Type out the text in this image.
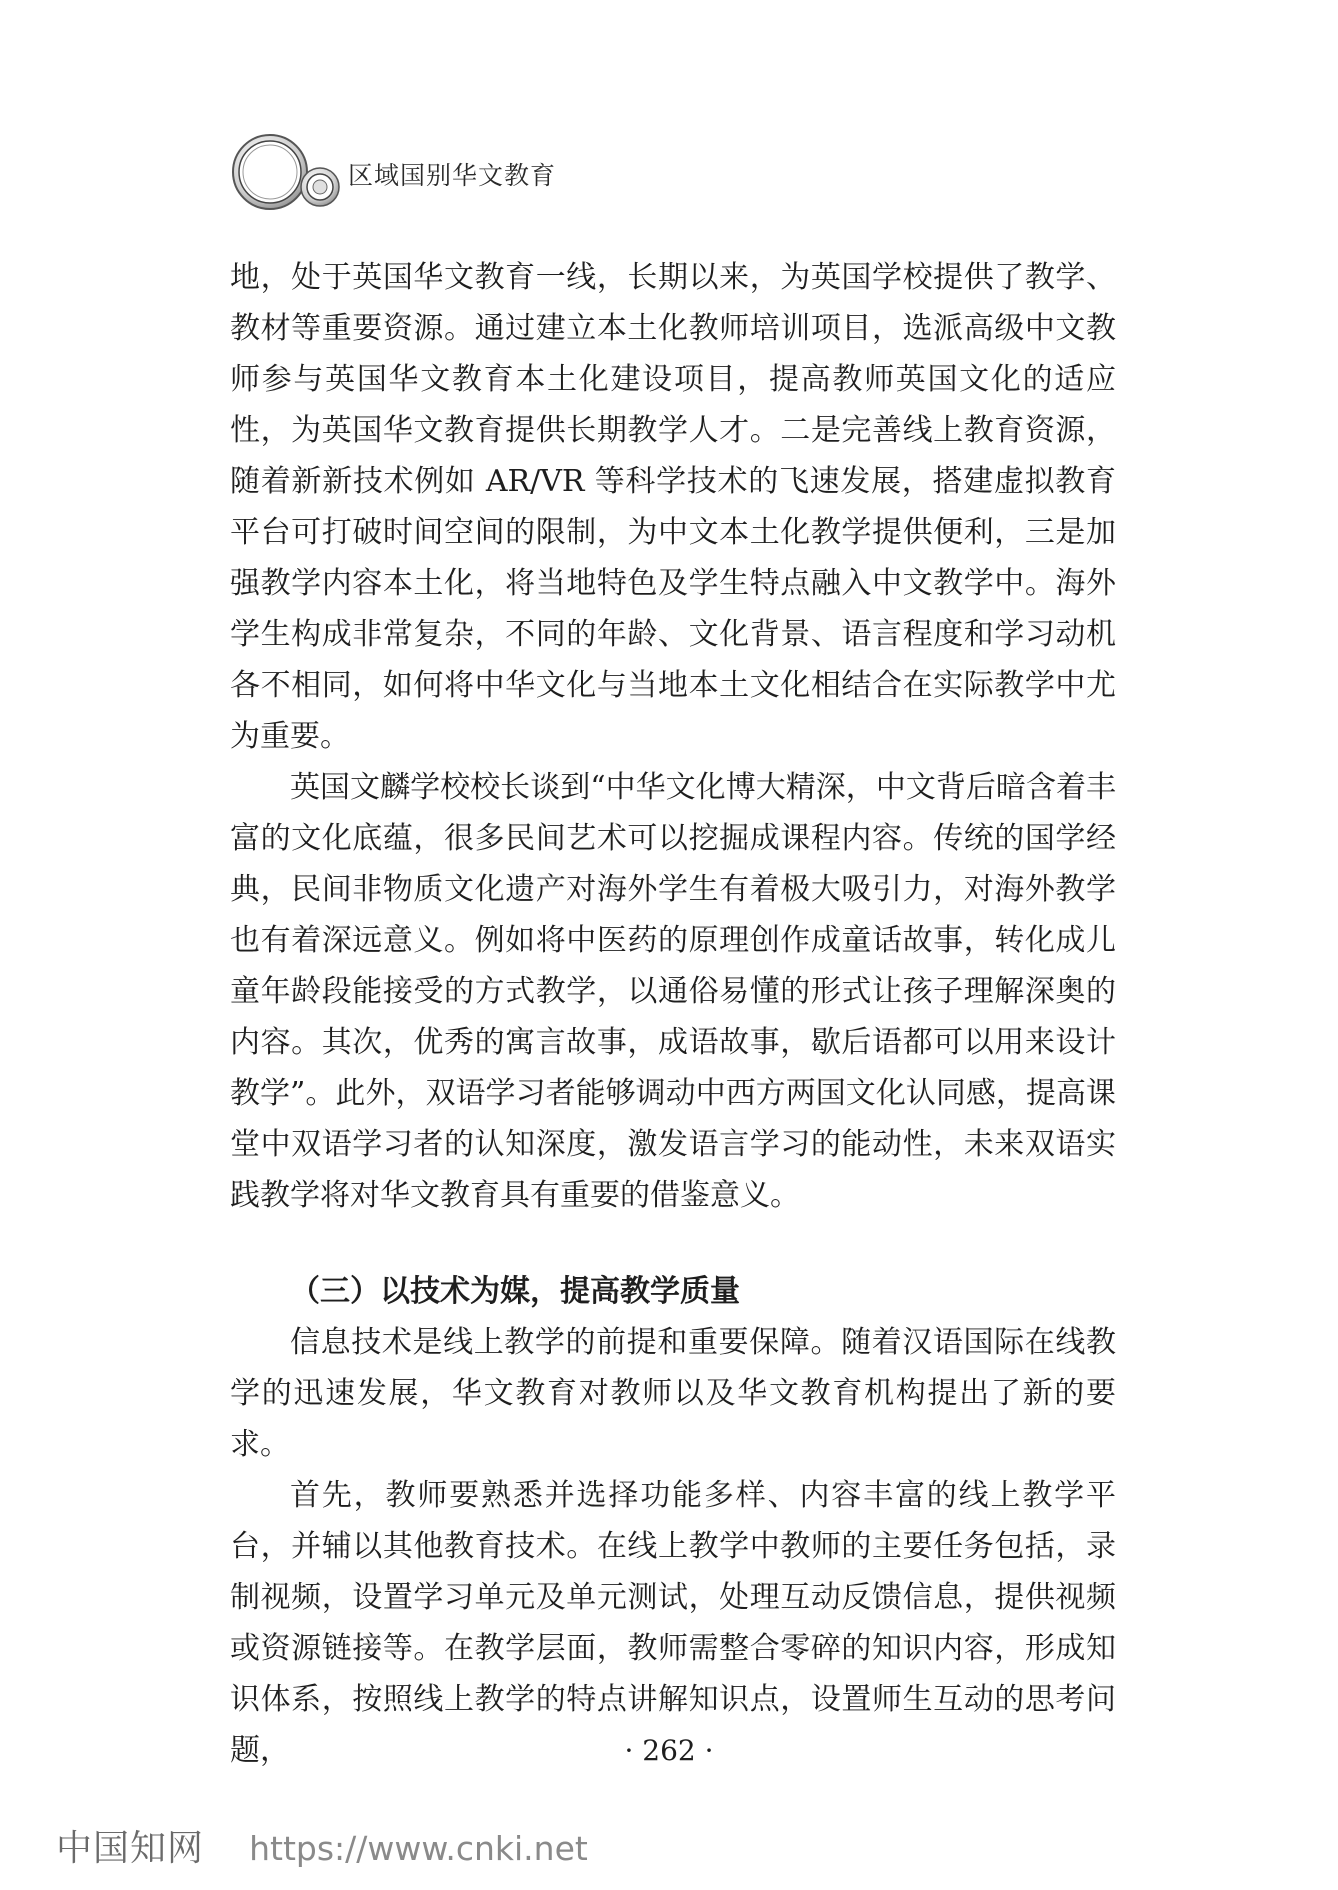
区域国别华文教育

地，处于英国华文教育一线，长期以来，为英国学校提供了教学、教材等重要资源。通过建立本土化教师培训项目，选派高级中文教师参与英国华文教育本土化建设项目，提高教师英国文化的适应性，为英国华文教育提供长期教学人才。二是完善线上教育资源，随着新新技术例如 AR/VR 等科学技术的飞速发展，搭建虚拟教育平台可打破时间空间的限制，为中文本土化教学提供便利，三是加强教学内容本土化，将当地特色及学生特点融入中文教学中。海外学生构成非常复杂，不同的年龄、文化背景、语言程度和学习动机各不相同，如何将中华文化与当地本土文化相结合在实际教学中尤为重要。

英国文麟学校校长谈到“中华文化博大精深，中文背后暗含着丰富的文化底蕴，很多民间艺术可以挖掘成课程内容。传统的国学经典，民间非物质文化遗产对海外学生有着极大吸引力，对海外教学也有着深远意义。例如将中医药的原理创作成童话故事，转化成儿童年龄段能接受的方式教学，以通俗易懂的形式让孩子理解深奥的内容。其次，优秀的寓言故事，成语故事，歇后语都可以用来设计教学”。此外，双语学习者能够调动中西方两国文化认同感，提高课堂中双语学习者的认知深度，激发语言学习的能动性，未来双语实践教学将对华文教育具有重要的借鉴意义。

（三）以技术为媒，提高教学质量

信息技术是线上教学的前提和重要保障。随着汉语国际在线教学的迅速发展，华文教育对教师以及华文教育机构提出了新的要求。

首先，教师要熟悉并选择功能多样、内容丰富的线上教学平台，并辅以其他教育技术。在线上教学中教师的主要任务包括，录制视频，设置学习单元及单元测试，处理互动反馈信息，提供视频或资源链接等。在教学层面，教师需整合零碎的知识内容，形成知识体系，按照线上教学的特点讲解知识点，设置师生互动的思考问题，	· 262 ·
中国知网 https://www.cnki.net
